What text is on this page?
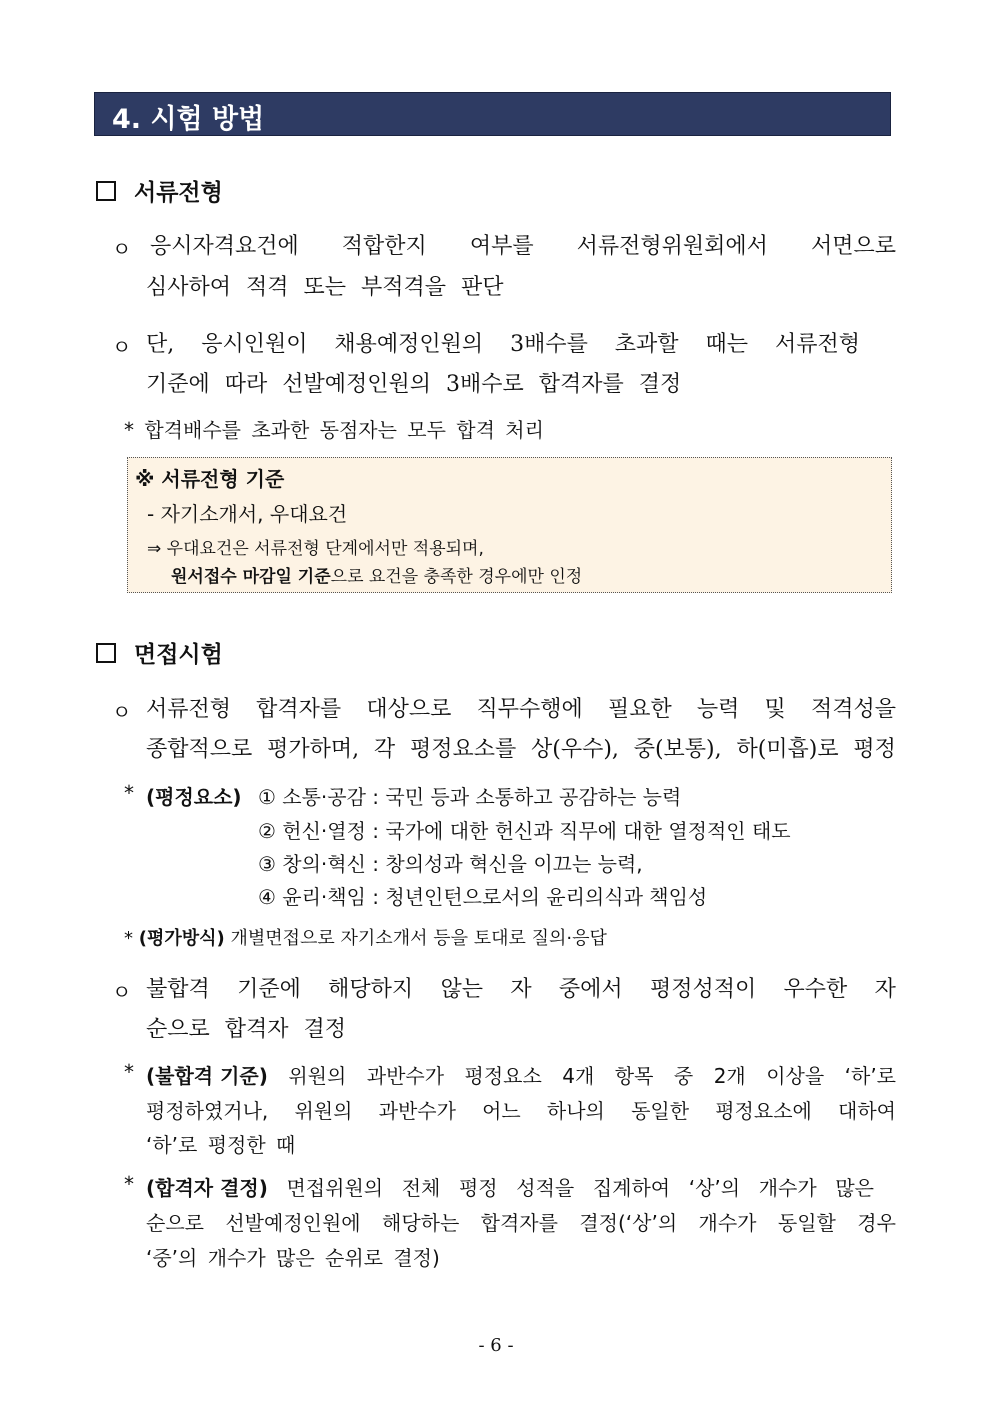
4. 시험 방법
서류전형
ㅇ 응시자격요건에 적합한지 여부를 서류전형위원회에서 서면으로
심사하여 적격 또는 부적격을 판단
ㅇ 단, 응시인원이 채용예정인원의 3배수를 초과할 때는 서류전형
기준에 따라 선발예정인원의 3배수로 합격자를 결정
* 합격배수를 초과한 동점자는 모두 합격 처리
※ 서류전형 기준
- 자기소개서, 우대요건
⇒ 우대요건은 서류전형 단계에서만 적용되며,
원서접수 마감일 기준으로 요건을 충족한 경우에만 인정
면접시험
ㅇ 서류전형 합격자를 대상으로 직무수행에 필요한 능력 및 적격성을
종합적으로 평가하며, 각 평정요소를 상(우수), 중(보통), 하(미흡)로 평정
* (평정요소) ① 소통·공감 : 국민 등과 소통하고 공감하는 능력
② 헌신·열정 : 국가에 대한 헌신과 직무에 대한 열정적인 태도
③ 창의·혁신 : 창의성과 혁신을 이끄는 능력,
④ 윤리·책임 : 청년인턴으로서의 윤리의식과 책임성
* (평가방식) 개별면접으로 자기소개서 등을 토대로 질의·응답
ㅇ 불합격 기준에 해당하지 않는 자 중에서 평정성적이 우수한 자
순으로 합격자 결정
* (불합격 기준) 위원의 과반수가 평정요소 4개 항목 중 2개 이상을 ‘하’로
평정하였거나, 위원의 과반수가 어느 하나의 동일한 평정요소에 대하여
‘하’로 평정한 때
* (합격자 결정) 면접위원의 전체 평정 성적을 집계하여 ‘상’의 개수가 많은
순으로 선발예정인원에 해당하는 합격자를 결정(‘상’의 개수가 동일할 경우
‘중’의 개수가 많은 순위로 결정)
- 6 -
